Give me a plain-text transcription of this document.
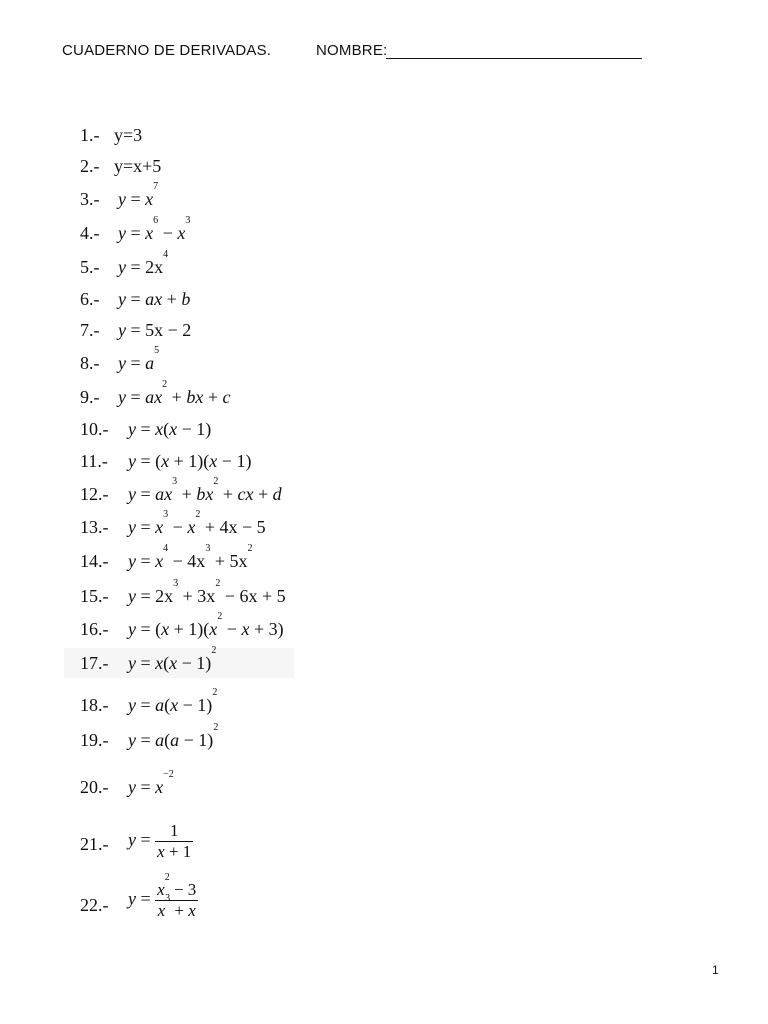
CUADERNO DE DERIVADAS.	NOMBRE:
1.- y=3
2.- y=x+5
3.- $y = x^7$
4.- $y = x^6 - x^3$
5.- $y = 2x^4$
6.- y = ax + b
7.- y = 5x − 2
8.- $y = a^5$
9.- $y = ax^2$ + bx + c
10.- y = x(x − 1)
11.- y = (x + 1)(x − 1)
12.- $y = ax^3 + bx^2$ + cx + d
13.- $y = x^3 - x^2 + 4x - 5$
14.- $y = x^4 - 4x^3 + 5x^2$
15.- $y = 2x^3 + 3x^2 - 6x + 5$
16.- $y = (x + 1)(x^2 - x + 3)$
17.- $y = x(x - 1)^2$
18.- $y = a(x - 1)^2$
19.- $y = a(a - 1)^2$
20.- $y = x^{-2}$
21.- $y = \frac{1}{x + 1}$
22.- $y = \frac{x^2 - 3}{x^3 + x}$
1
